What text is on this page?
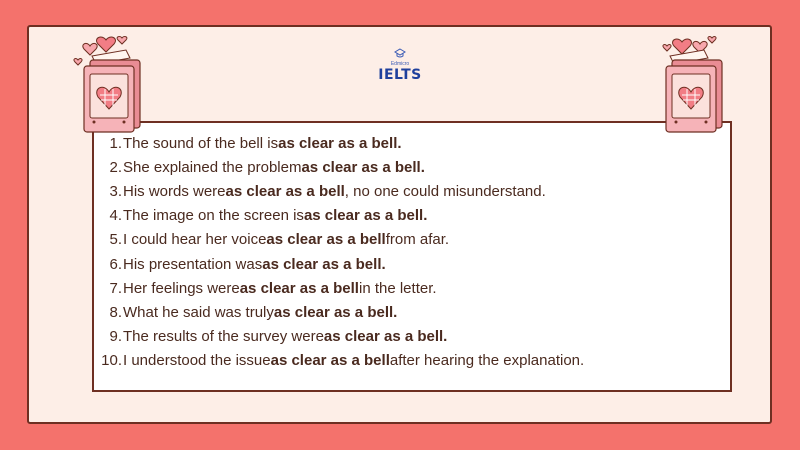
Edmicro
IELTS
1. The sound of the bell is as clear as a bell.
2. She explained the problem as clear as a bell.
3. His words were as clear as a bell , no one could misunderstand.
4. The image on the screen is as clear as a bell.
5. I could hear her voice as clear as a bell from afar.
6. His presentation was as clear as a bell.
7. Her feelings were as clear as a bell in the letter.
8. What he said was truly as clear as a bell.
9. The results of the survey were as clear as a bell.
10. I understood the issue as clear as a bell after hearing the explanation.
